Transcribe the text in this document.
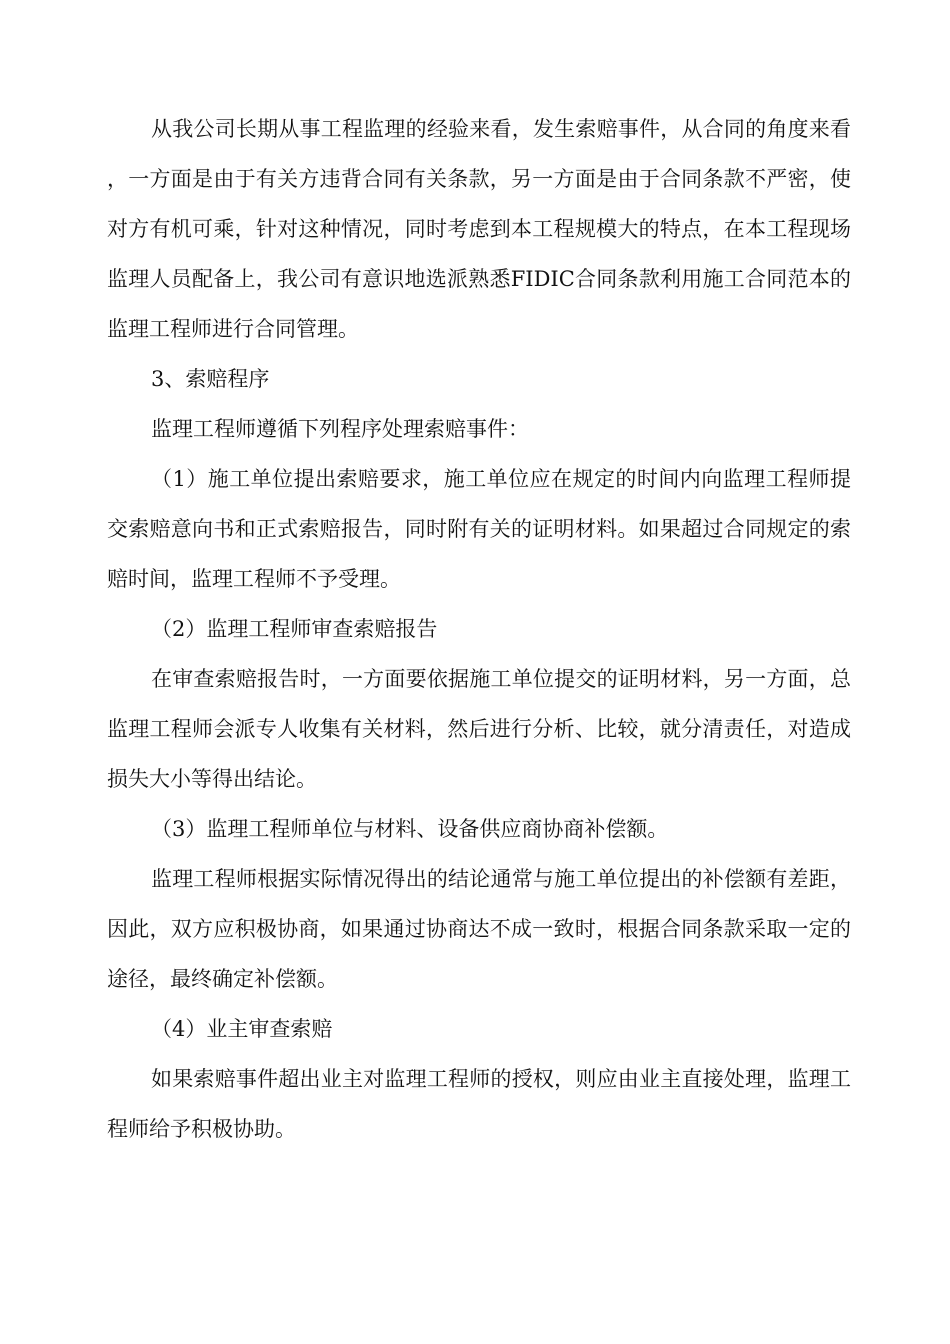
从我公司长期从事工程监理的经验来看，发生索赔事件，从合同的角度来看，一方面是由于有关方违背合同有关条款，另一方面是由于合同条款不严密，使对方有机可乘，针对这种情况，同时考虑到本工程规模大的特点，在本工程现场监理人员配备上，我公司有意识地选派熟悉FIDIC合同条款利用施工合同范本的监理工程师进行合同管理。

3、索赔程序

监理工程师遵循下列程序处理索赔事件：

（1）施工单位提出索赔要求，施工单位应在规定的时间内向监理工程师提交索赔意向书和正式索赔报告，同时附有关的证明材料。如果超过合同规定的索赔时间，监理工程师不予受理。

（2）监理工程师审查索赔报告

在审查索赔报告时，一方面要依据施工单位提交的证明材料，另一方面，总监理工程师会派专人收集有关材料，然后进行分析、比较，就分清责任，对造成损失大小等得出结论。

（3）监理工程师单位与材料、设备供应商协商补偿额。

监理工程师根据实际情况得出的结论通常与施工单位提出的补偿额有差距，因此，双方应积极协商，如果通过协商达不成一致时，根据合同条款采取一定的途径，最终确定补偿额。

（4）业主审查索赔

如果索赔事件超出业主对监理工程师的授权，则应由业主直接处理，监理工程师给予积极协助。
